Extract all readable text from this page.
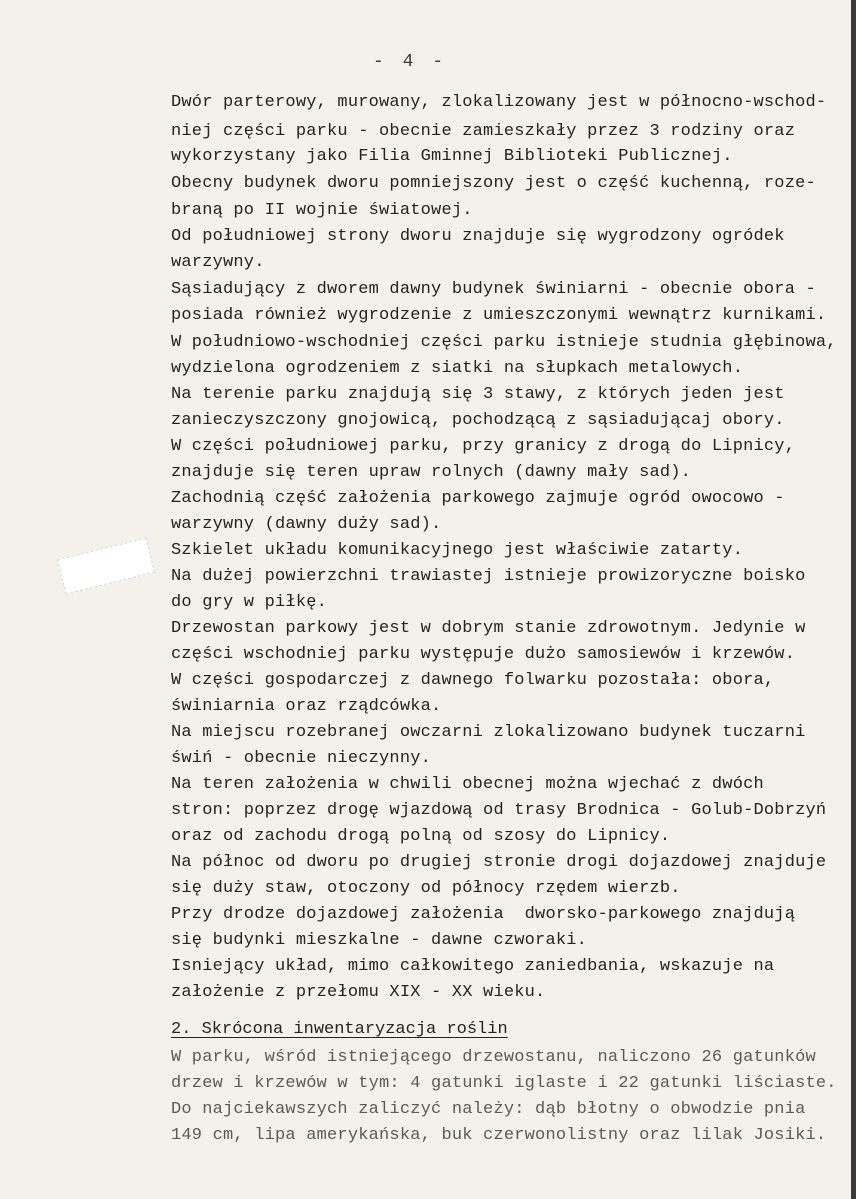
- 4 -
Dwór parterowy, murowany, zlokalizowany jest w północno-wschod-
niej części parku - obecnie zamieszkały przez 3 rodziny oraz
wykorzystany jako Filia Gminnej Biblioteki Publicznej.
Obecny budynek dworu pomniejszony jest o część kuchenną, roze-
braną po II wojnie światowej.
Od południowej strony dworu znajduje się wygrodzony ogródek
warzywny.
Sąsiadujący z dworem dawny budynek świniarni - obecnie obora -
posiada również wygrodzenie z umieszczonymi wewnątrz kurnikami.
W południowo-wschodniej części parku istnieje studnia głębinowa,
wydzielona ogrodzeniem z siatki na słupkach metalowych.
Na terenie parku znajdują się 3 stawy, z których jeden jest
zanieczyszczony gnojowicą, pochodzącą z sąsiadującaj obory.
W części południowej parku, przy granicy z drogą do Lipnicy,
znajduje się teren upraw rolnych (dawny mały sad).
Zachodnią część założenia parkowego zajmuje ogród owocowo -
warzywny (dawny duży sad).
Szkielet układu komunikacyjnego jest właściwie zatarty.
Na dużej powierzchni trawiastej istnieje prowizoryczne boisko
do gry w piłkę.
Drzewostan parkowy jest w dobrym stanie zdrowotnym. Jedynie w
części wschodniej parku występuje dużo samosiewów i krzewów.
W części gospodarczej z dawnego folwarku pozostała: obora,
świniarnia oraz rządcówka.
Na miejscu rozebranej owczarni zlokalizowano budynek tuczarni
świń - obecnie nieczynny.
Na teren założenia w chwili obecnej można wjechać z dwóch
stron: poprzez drogę wjazdową od trasy Brodnica - Golub-Dobrzyń
oraz od zachodu drogą polną od szosy do Lipnicy.
Na północ od dworu po drugiej stronie drogi dojazdowej znajduje
się duży staw, otoczony od północy rzędem wierzb.
Przy drodze dojazdowej założenia  dworsko-parkowego znajdują
się budynki mieszkalne - dawne czworaki.
Isniejący układ, mimo całkowitego zaniedbania, wskazuje na
założenie z przełomu XIX - XX wieku.
2. Skrócona inwentaryzacja roślin
W parku, wśród istniejącego drzewostanu, naliczono 26 gatunków
drzew i krzewów w tym: 4 gatunki iglaste i 22 gatunki liściaste.
Do najciekawszych zaliczyć należy: dąb błotny o obwodzie pnia
149 cm, lipa amerykańska, buk czerwonolistny oraz lilak Josiki.
